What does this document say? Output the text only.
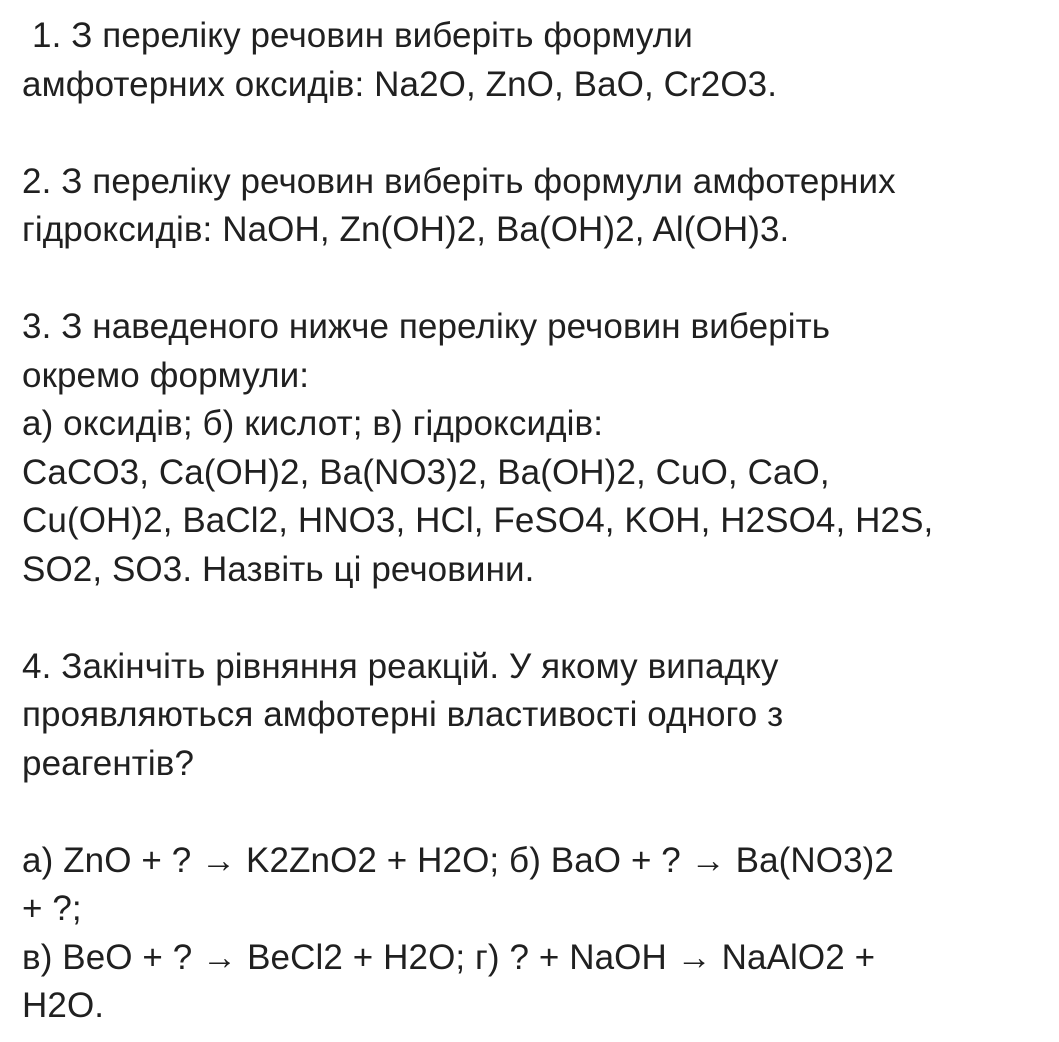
1. З переліку речовин виберіть формули
амфотерних оксидів: Na2O, ZnO, BaO, Cr2O3.
2. З переліку речовин виберіть формули амфотерних
гідроксидів: NaOH, Zn(OH)2, Ba(OH)2, Al(OH)3.
3. З наведеного нижче переліку речовин виберіть
окремо формули:
а) оксидів; б) кислот; в) гідроксидів:
CaCO3, Ca(OH)2, Ba(NO3)2, Ba(OH)2, CuO, CaO,
Cu(OH)2, BaCl2, HNO3, HCl, FeSO4, KOH, H2SO4, H2S,
SO2, SO3. Назвіть ці речовини.
4. Закінчіть рівняння реакцій. У якому випадку
проявляються амфотерні властивості одного з
реагентів?
а) ZnO + ? → K2ZnO2 + H2O; б) BaO + ? → Ba(NO3)2
+ ?;
в) BeO + ? → BeCl2 + H2O; г) ? + NaOH → NaAlO2 +
H2O.
